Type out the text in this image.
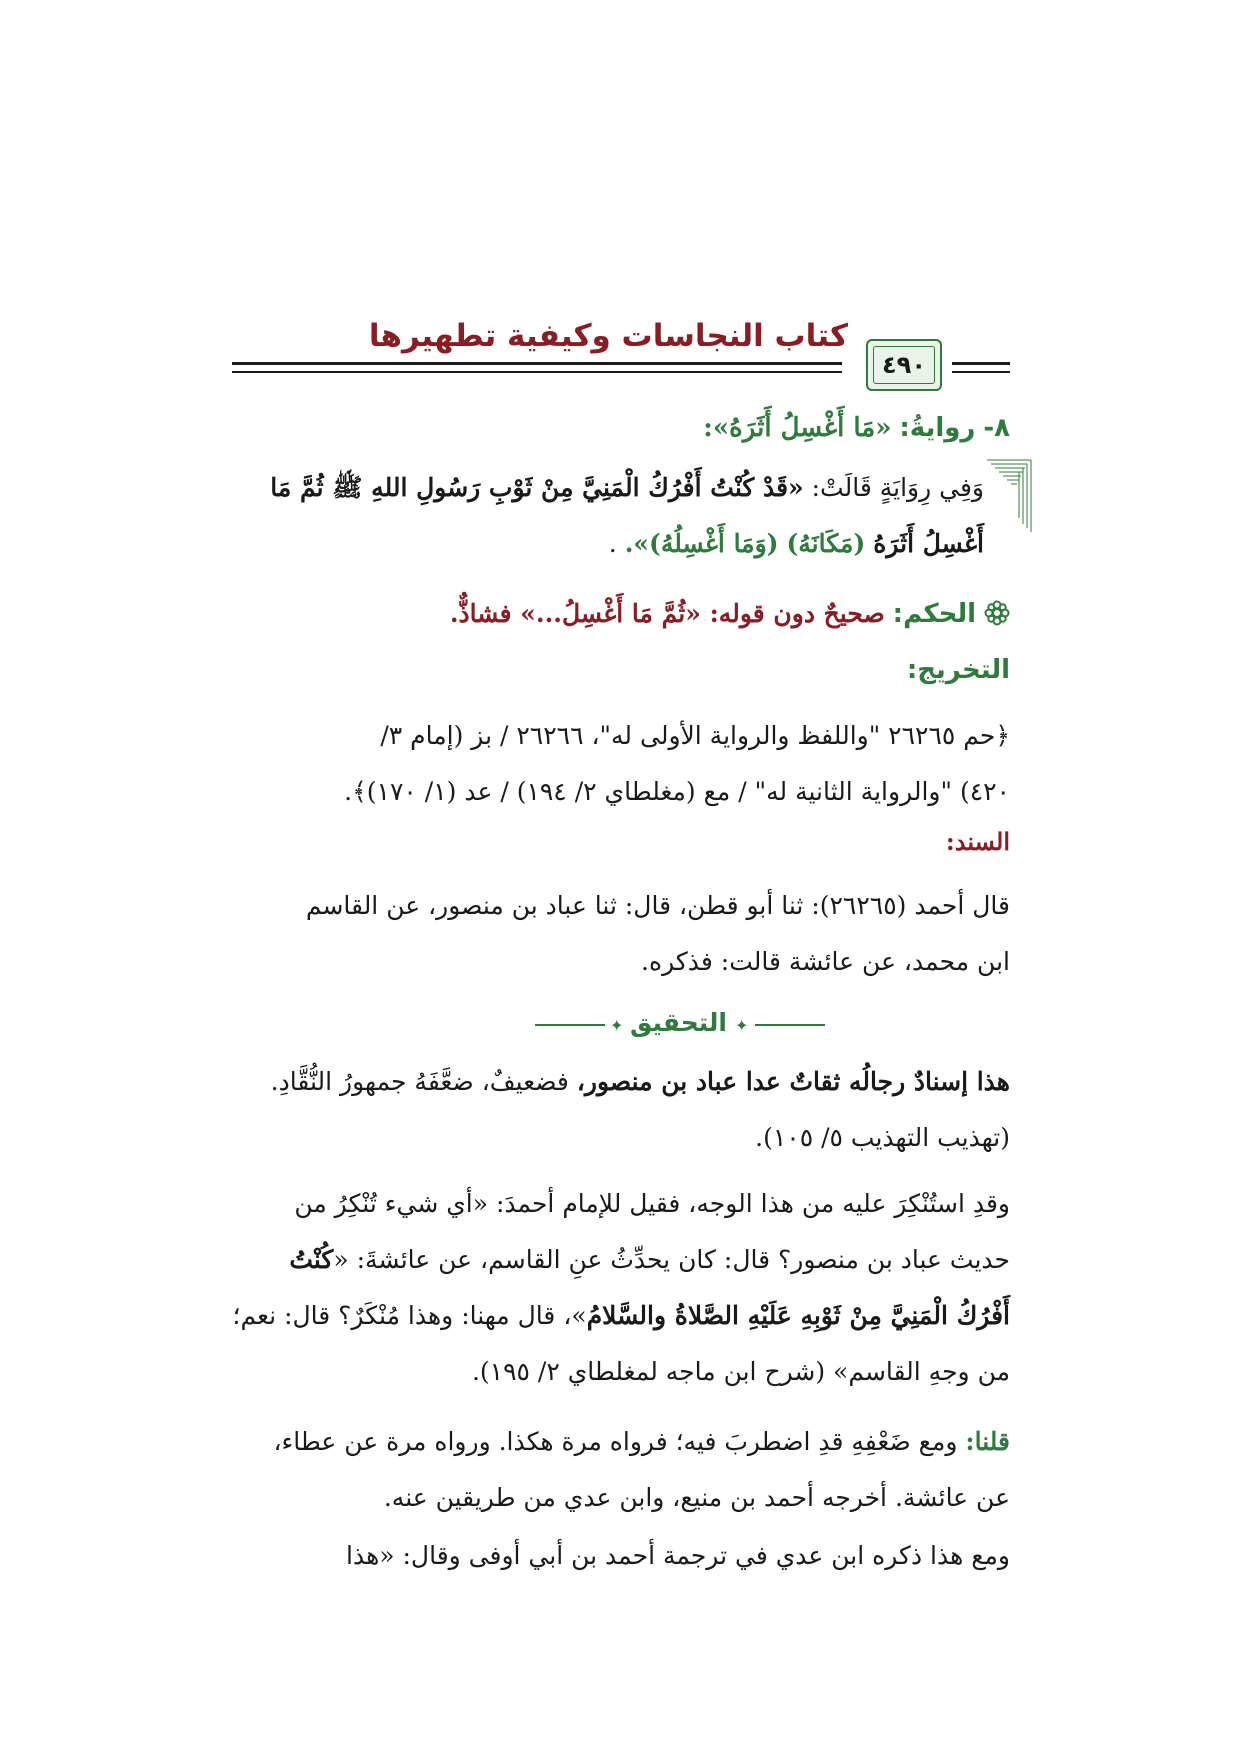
كتاب النجاسات وكيفية تطهيرها
٤٩٠
٨- روايةُ: «مَا أَغْسِلُ أَثَرَهُ»:
وَفِي رِوَايَةٍ قَالَتْ: «قَدْ كُنْتُ أَفْرُكُ الْمَنِيَّ مِنْ ثَوْبِ رَسُولِ اللهِ ﷺ ثُمَّ مَا
أَغْسِلُ أَثَرَهُ (مَكَانَهُ) (وَمَا أَغْسِلُهُ)». .
الحكم: صحيحٌ دون قوله: «ثُمَّ مَا أَغْسِلُ...» فشاذٌّ.
التخريج:
﴿حم ٢٦٢٦٥ "واللفظ والرواية الأولى له"، ٢٦٢٦٦ / بز (إمام ٣/
٤٢٠) "والرواية الثانية له" / مع (مغلطاي ٢/ ١٩٤) / عد (١/ ١٧٠)﴾.
السند:
قال أحمد (٢٦٢٦٥): ثنا أبو قطن، قال: ثنا عباد بن منصور، عن القاسم
ابن محمد، عن عائشة قالت: فذكره.
✦ التحقيق ✦
هذا إسنادٌ رجالُه ثقاتٌ عدا عباد بن منصور، فضعيفٌ، ضعَّفَهُ جمهورُ النُّقَّادِ.
(تهذيب التهذيب ٥/ ١٠٥).
وقدِ استُنْكِرَ عليه من هذا الوجه، فقيل للإمام أحمدَ: «أي شيء تُنْكِرُ من
حديث عباد بن منصور؟ قال: كان يحدِّثُ عنِ القاسم، عن عائشةَ: «كُنْتُ
أَفْرُكُ الْمَنِيَّ مِنْ ثَوْبِهِ عَلَيْهِ الصَّلاةُ والسَّلامُ»، قال مهنا: وهذا مُنْكَرٌ؟ قال: نعم؛
من وجهِ القاسم» (شرح ابن ماجه لمغلطاي ٢/ ١٩٥).
قلنا: ومع ضَعْفِهِ قدِ اضطربَ فيه؛ فرواه مرة هكذا. ورواه مرة عن عطاء،
عن عائشة. أخرجه أحمد بن منيع، وابن عدي من طريقين عنه.
ومع هذا ذكره ابن عدي في ترجمة أحمد بن أبي أوفى وقال: «هذا
